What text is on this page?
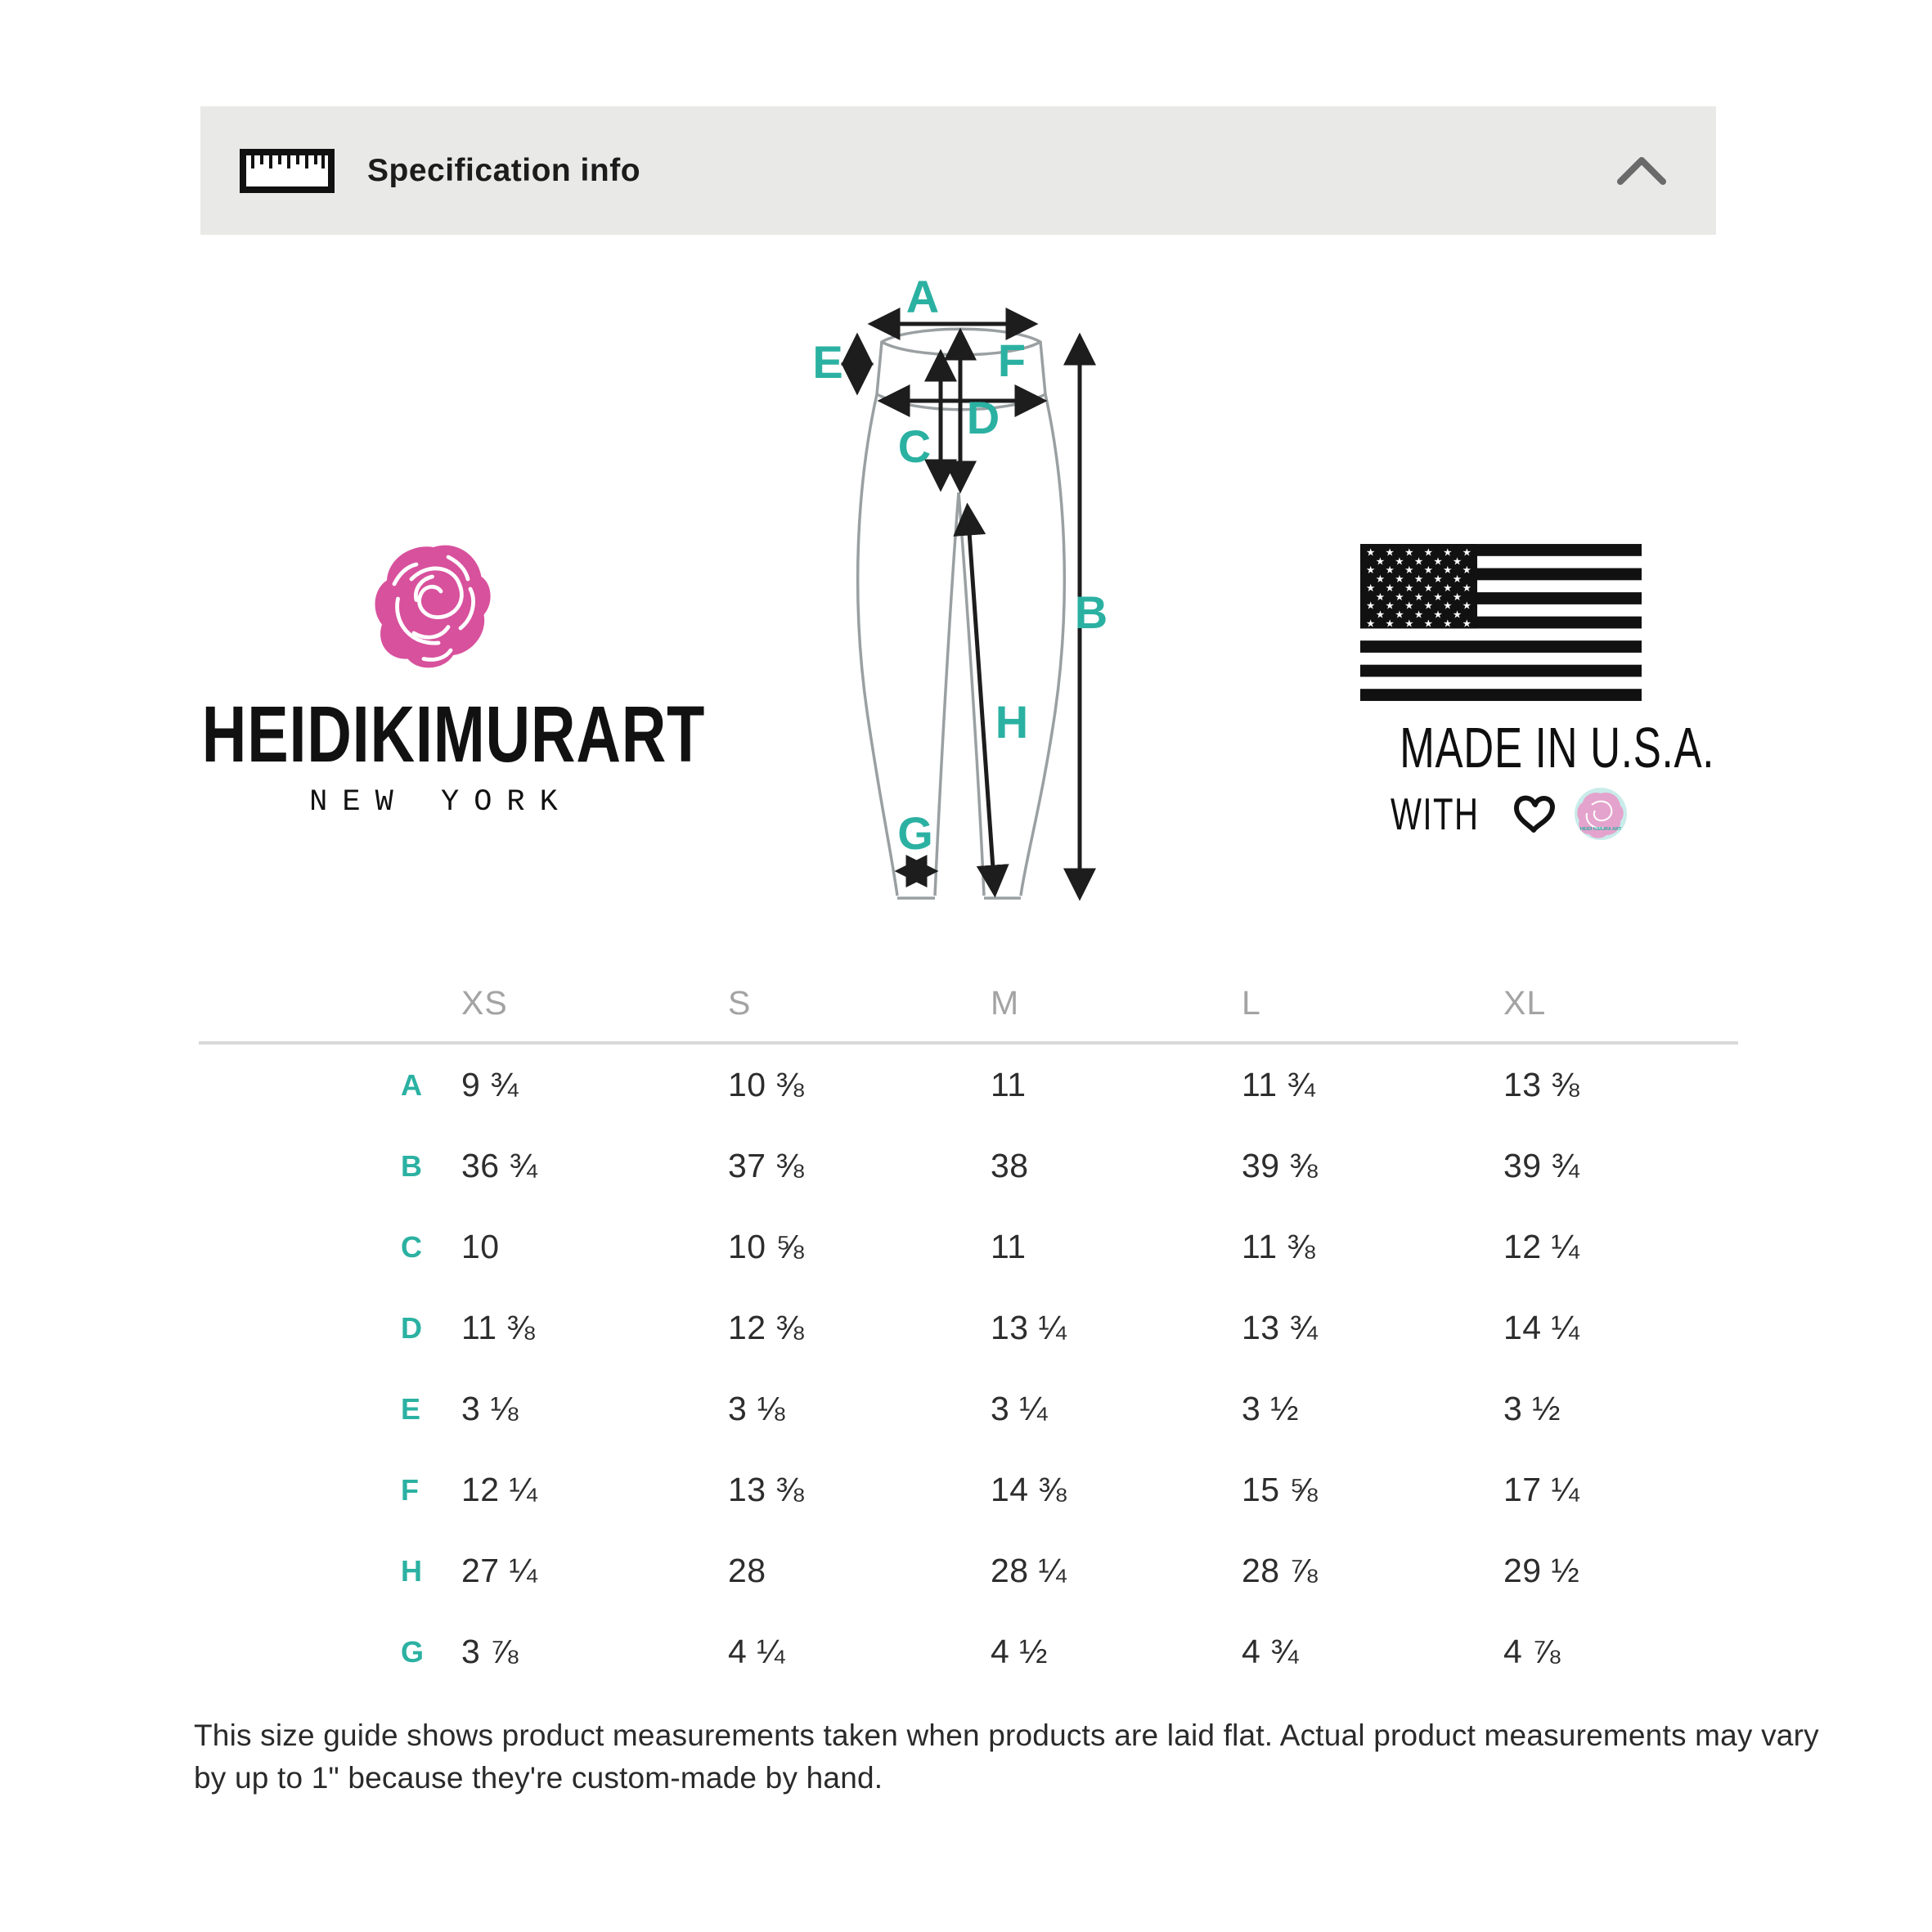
Specification info
A
E	F
C
D
B
H
G
HEIDIKIMURART
NEW YORK
★ ★ ★ ★ ★ ★
★ ★ ★ ★ ★
★ ★ ★ ★ ★ ★
★ ★ ★ ★ ★
★ ★ ★ ★ ★ ★
★ ★ ★ ★ ★
★ ★ ★ ★ ★ ★
★ ★ ★ ★ ★
★ ★ ★ ★ ★ ★
MADE IN U.S.A.
WITH	HEIDI KIMURA ART
XS	S	M	L	XL
A	9 ¾	10 ⅜	11	11 ¾	13 ⅜
B	36 ¾	37 ⅜	38	39 ⅜	39 ¾
C	10	10 ⅝	11	11 ⅜	12 ¼
D	11 ⅜	12 ⅜	13 ¼	13 ¾	14 ¼
E	3 ⅛	3 ⅛	3 ¼	3 ½	3 ½
F	12 ¼	13 ⅜	14 ⅜	15 ⅝	17 ¼
H	27 ¼	28	28 ¼	28 ⅞	29 ½
G	3 ⅞	4 ¼	4 ½	4 ¾	4 ⅞
This size guide shows product measurements taken when products are laid flat. Actual product measurements may vary by up to 1" because they're custom-made by hand.
